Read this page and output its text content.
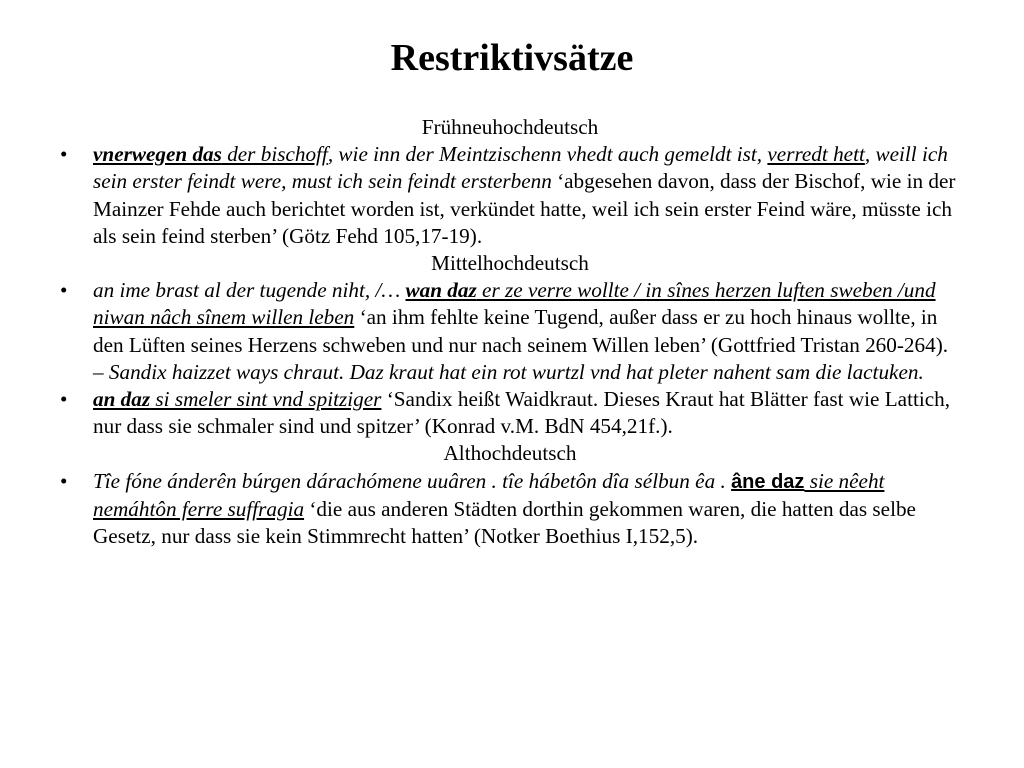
Restriktivsätze

Frühneuhochdeutsch

• vnerwegen das der bischoff, wie inn der Meintzischenn vhedt auch gemeldt ist, verredt hett, weill ich sein erster feindt were, must ich sein feindt ersterbenn ‘abgesehen davon, dass der Bischof, wie in der Mainzer Fehde auch berichtet worden ist, verkündet hatte, weil ich sein erster Feind wäre, müsste ich als sein feind sterben’ (Götz Fehd 105,17-19).

Mittelhochdeutsch

• an ime brast al der tugende niht, /… wan daz er ze verre wollte / in sînes herzen luften sweben /und niwan nâch sînem willen leben ‘an ihm fehlte keine Tugend, außer dass er zu hoch hinaus wollte, in den Lüften seines Herzens schweben und nur nach seinem Willen leben’ (Gottfried Tristan 260-264). – Sandix haizzet ways chraut. Daz kraut hat ein rot wurtzl vnd hat pleter nahent sam die lactuken.

• an daz si smeler sint vnd spitziger ‘Sandix heißt Waidkraut. Dieses Kraut hat Blätter fast wie Lattich, nur dass sie schmaler sind und spitzer’ (Konrad v.M. BdN 454,21f.).

Althochdeutsch

• Tîe fóne ánderên búrgen dárachómene uuâren . tîe hábetôn dîa sélbun êa . âne daz sie nêeht nemáhtôn ferre suffragia ‘die aus anderen Städten dorthin gekommen waren, die hatten das selbe Gesetz, nur dass sie kein Stimmrecht hatten’ (Notker Boethius I,152,5).
